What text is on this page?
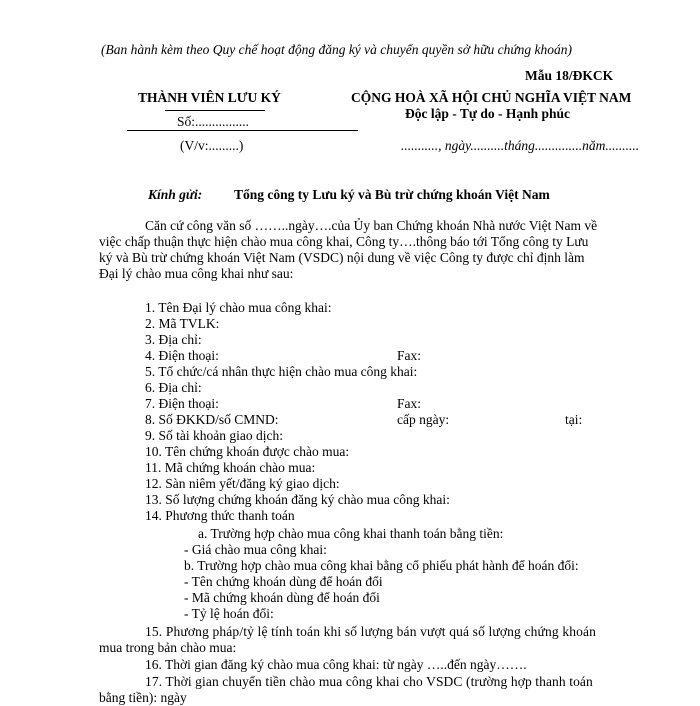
(Ban hành kèm theo Quy chế hoạt động đăng ký và chuyển quyền sở hữu chứng khoán)
Mẫu 18/ĐKCK
THÀNH VIÊN LƯU KÝ
Số:................
(V/v:.........)
CỘNG HOÀ XÃ HỘI CHỦ NGHĨA VIỆT NAM
Độc lập - Tự do - Hạnh phúc
..........., ngày..........tháng..............năm..........
Kính gửi: Tổng công ty Lưu ký và Bù trừ chứng khoán Việt Nam
Căn cứ công văn số ……..ngày….của Ủy ban Chứng khoán Nhà nước Việt Nam về
việc chấp thuận thực hiện chào mua công khai, Công ty….thông báo tới Tổng công ty Lưu
ký và Bù trừ chứng khoán Việt Nam (VSDC) nội dung về việc Công ty được chỉ định làm
Đại lý chào mua công khai như sau:
1. Tên Đại lý chào mua công khai:
2. Mã TVLK:
3. Địa chỉ:
4. Điện thoại:	Fax:
5. Tổ chức/cá nhân thực hiện chào mua công khai:
6. Địa chỉ:
7. Điện thoại:	Fax:
8. Số ĐKKD/số CMND:	cấp ngày:	tại:
9. Số tài khoản giao dịch:
10. Tên chứng khoán được chào mua:
11. Mã chứng khoán chào mua:
12. Sàn niêm yết/đăng ký giao dịch:
13. Số lượng chứng khoán đăng ký chào mua công khai:
14. Phương thức thanh toán
a. Trường hợp chào mua công khai thanh toán bằng tiền:
- Giá chào mua công khai:
b. Trường hợp chào mua công khai bằng cổ phiếu phát hành để hoán đổi:
- Tên chứng khoán dùng để hoán đổi
- Mã chứng khoán dùng để hoán đổi
- Tỷ lệ hoán đổi:
15. Phương pháp/tỷ lệ tính toán khi số lượng bán vượt quá số lượng chứng khoán
mua trong bản chào mua:
16. Thời gian đăng ký chào mua công khai: từ ngày …..đến ngày…….
17. Thời gian chuyển tiền chào mua công khai cho VSDC (trường hợp thanh toán
bằng tiền): ngày
